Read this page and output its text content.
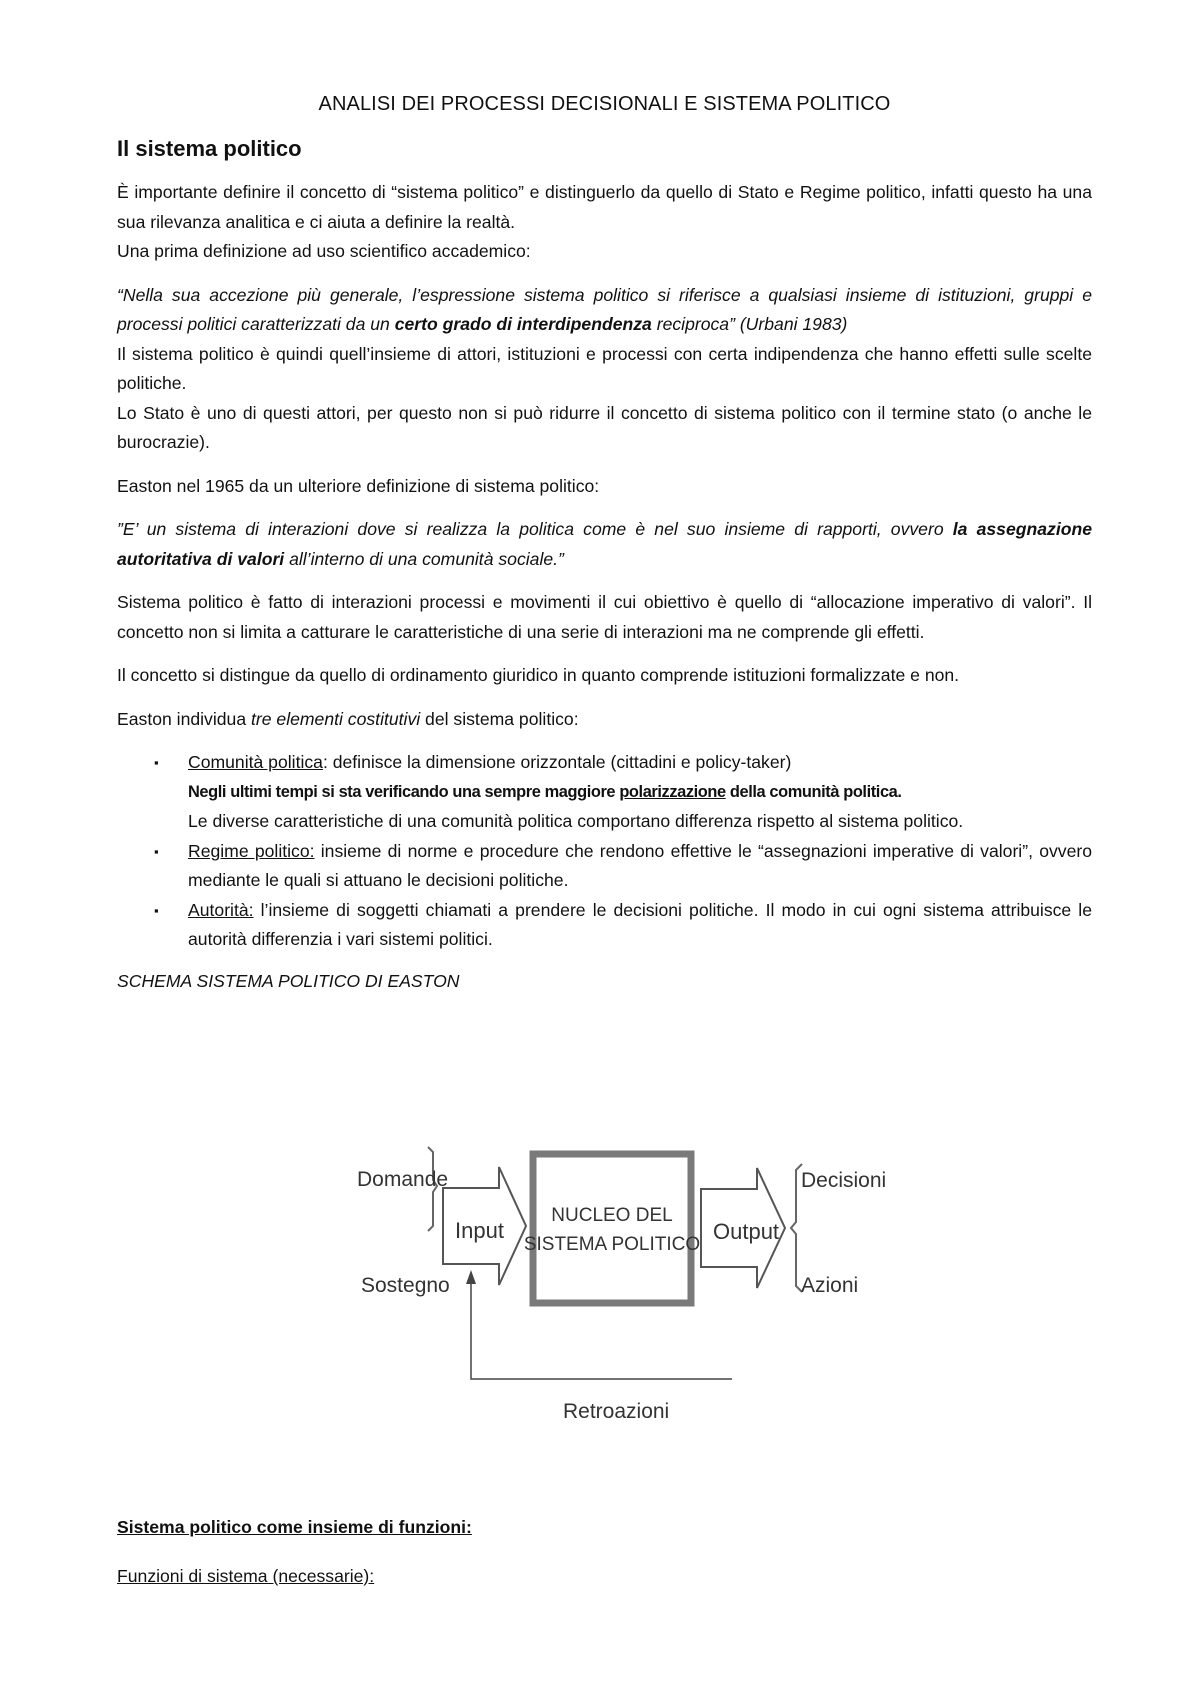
ANALISI DEI PROCESSI DECISIONALI E SISTEMA POLITICO
Il sistema politico

È importante definire il concetto di “sistema politico” e distinguerlo da quello di Stato e Regime politico, infatti questo ha una sua rilevanza analitica e ci aiuta a definire la realtà.

Una prima definizione ad uso scientifico accademico:

“Nella sua accezione più generale, l’espressione sistema politico si riferisce a qualsiasi insieme di istituzioni, gruppi e processi politici caratterizzati da un certo grado di interdipendenza reciproca” (Urbani 1983)

Il sistema politico è quindi quell’insieme di attori, istituzioni e processi con certa indipendenza che hanno effetti sulle scelte politiche.

Lo Stato è uno di questi attori, per questo non si può ridurre il concetto di sistema politico con il termine stato (o anche le burocrazie).

Easton nel 1965 da un ulteriore definizione di sistema politico:

”E’ un sistema di interazioni dove si realizza la politica come è nel suo insieme di rapporti, ovvero la assegnazione autoritativa di valori all’interno di una comunità sociale.”

Sistema politico è fatto di interazioni processi e movimenti il cui obiettivo è quello di “allocazione imperativo di valori”. Il concetto non si limita a catturare le caratteristiche di una serie di interazioni ma ne comprende gli effetti.

Il concetto si distingue da quello di ordinamento giuridico in quanto comprende istituzioni formalizzate e non.

Easton individua tre elementi costitutivi del sistema politico:

▪ Comunità politica: definisce la dimensione orizzontale (cittadini e policy-taker)
Negli ultimi tempi si sta verificando una sempre maggiore polarizzazione della comunità politica.
Le diverse caratteristiche di una comunità politica comportano differenza rispetto al sistema politico.
▪ Regime politico: insieme di norme e procedure che rendono effettive le “assegnazioni imperative di valori”, ovvero mediante le quali si attuano le decisioni politiche.
▪ Autorità: l’insieme di soggetti chiamati a prendere le decisioni politiche. Il modo in cui ogni sistema attribuisce le autorità differenzia i vari sistemi politici.

SCHEMA SISTEMA POLITICO DI EASTON

Domande
Sostegno
Input
NUCLEO DEL
SISTEMA POLITICO
Output
Decisioni
Azioni
Retroazioni
Sistema politico come insieme di funzioni:
Funzioni di sistema (necessarie):
